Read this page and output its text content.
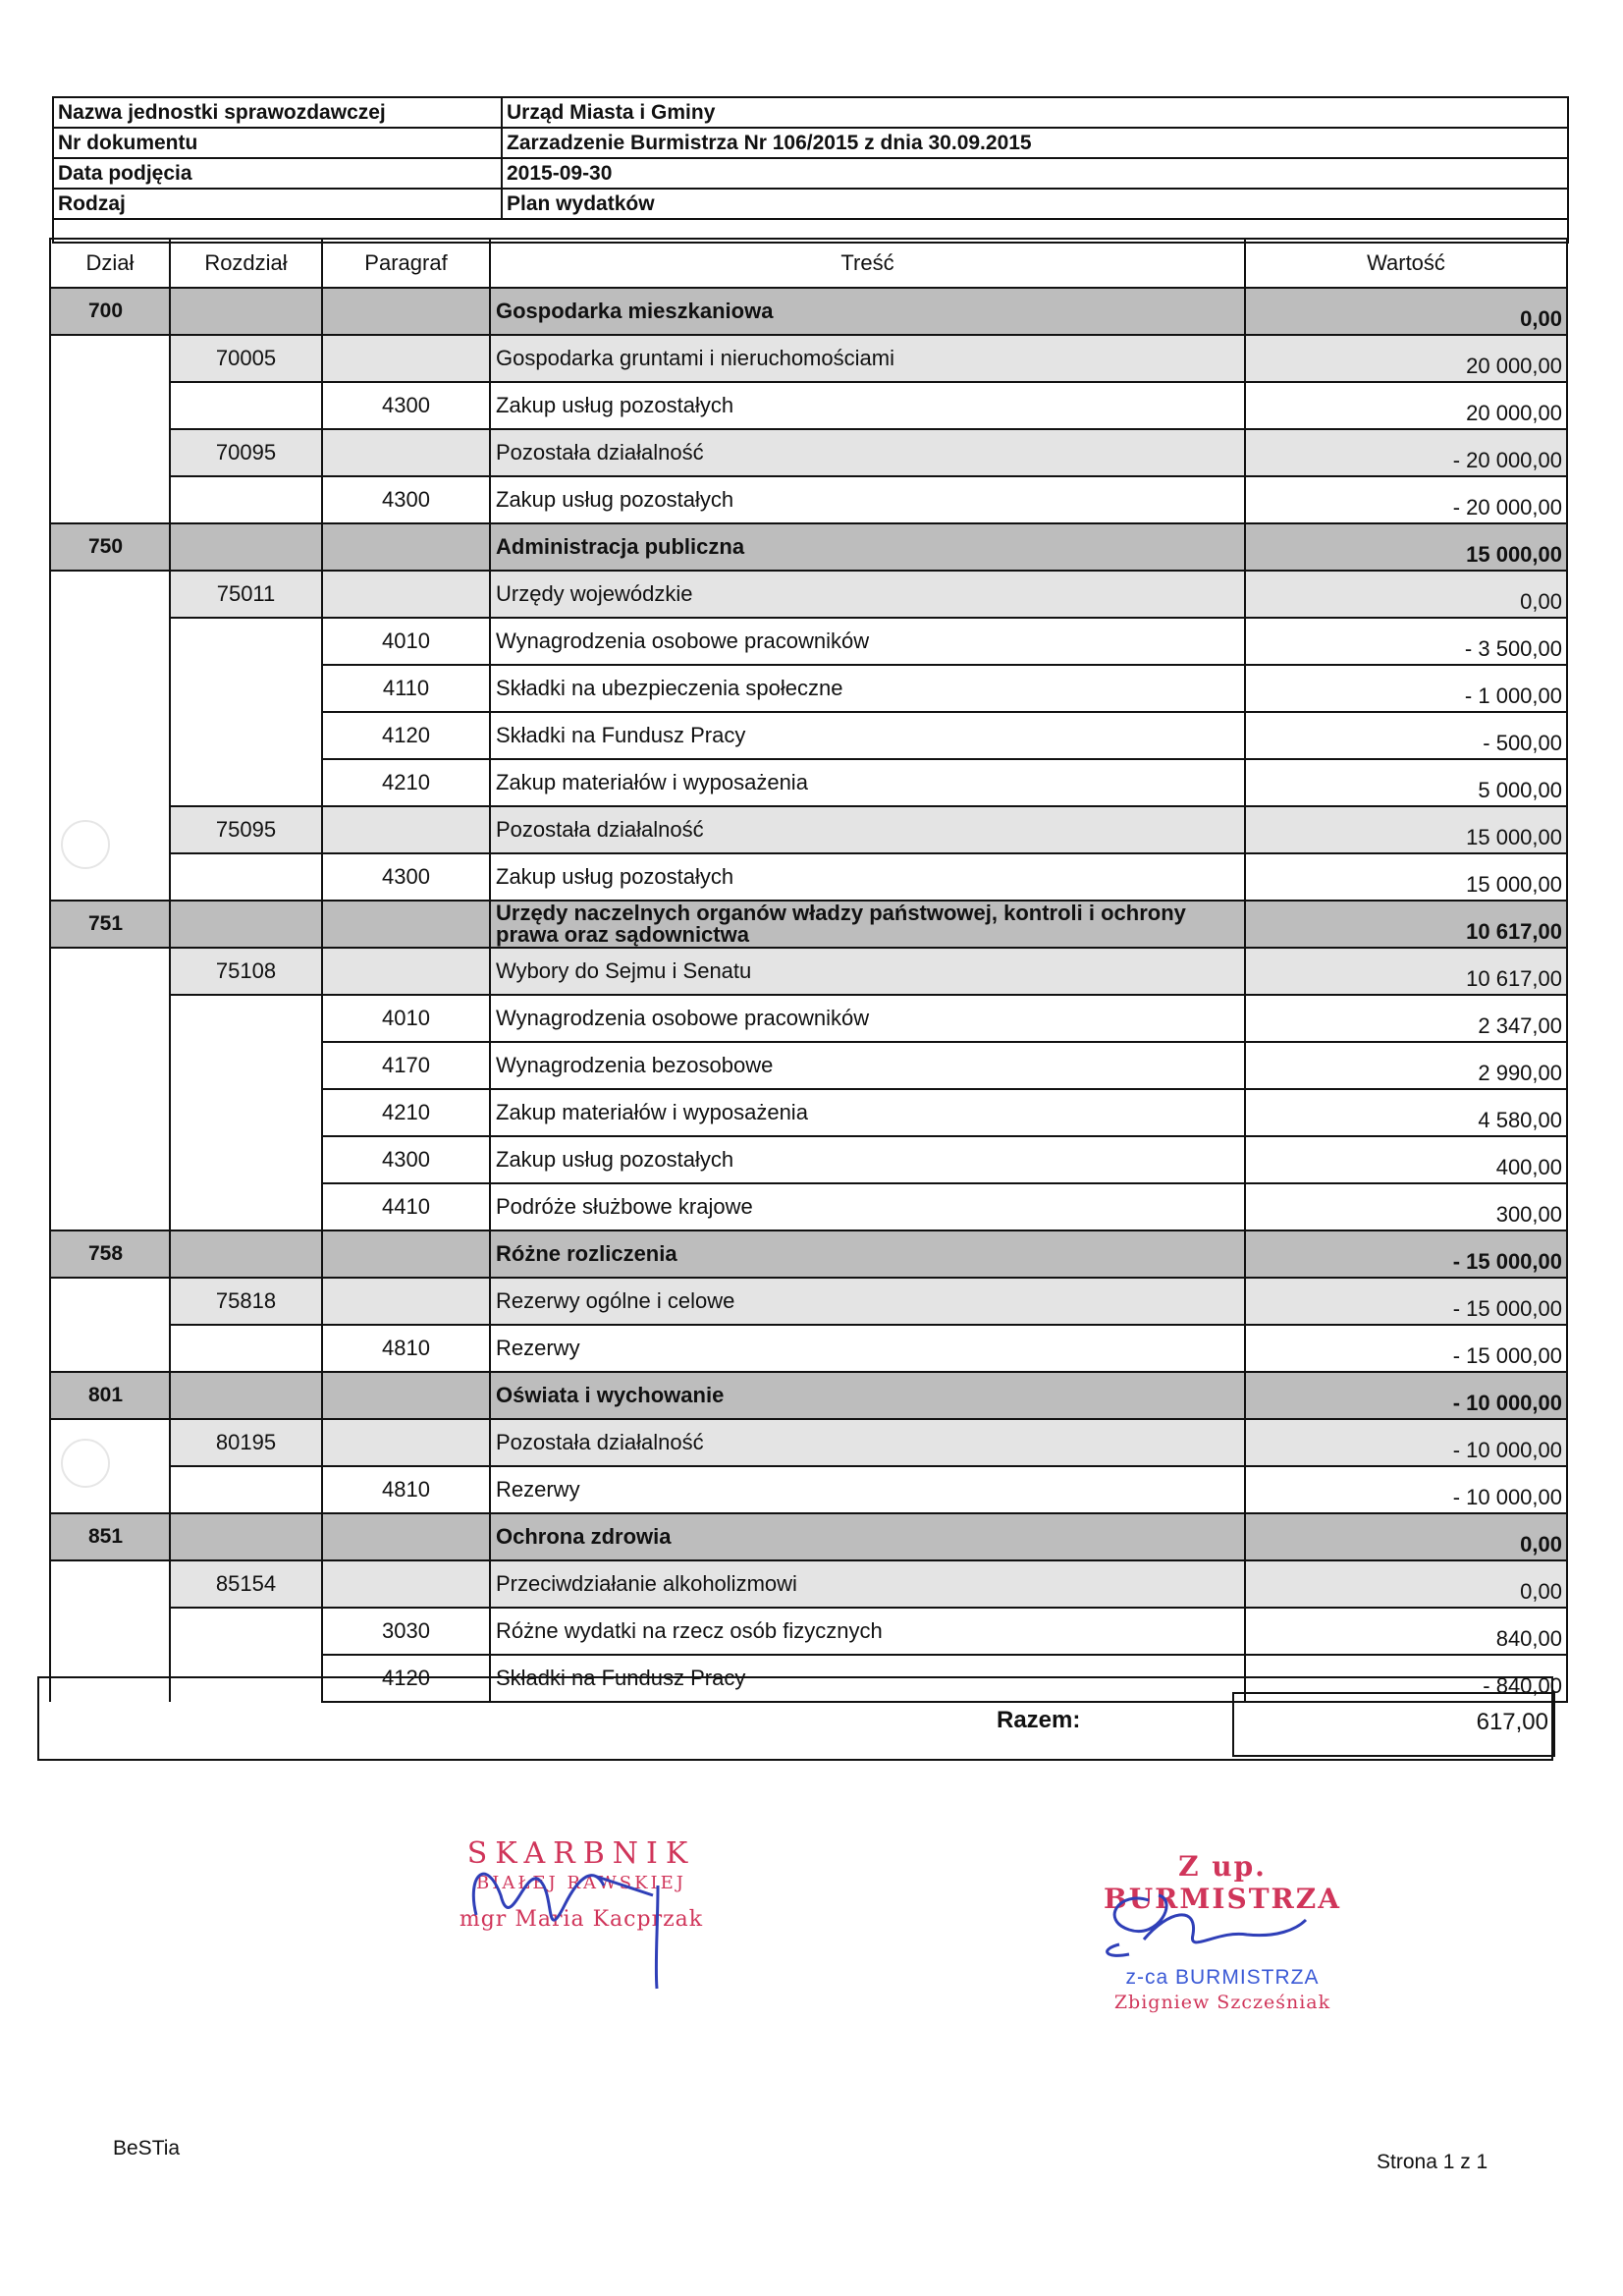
Nazwa jednostki sprawozdawczej	Urząd Miasta i Gminy
Nr dokumentu	Zarzadzenie Burmistrza Nr 106/2015 z dnia 30.09.2015
Data podjęcia	2015-09-30
Rodzaj	Plan wydatków

Dział	Rozdział	Paragraf	Treść	Wartość
700			Gospodarka mieszkaniowa	0,00
	70005		Gospodarka gruntami i nieruchomościami	20 000,00
		4300	Zakup usług pozostałych	20 000,00
	70095		Pozostała działalność	- 20 000,00
		4300	Zakup usług pozostałych	- 20 000,00
750			Administracja publiczna	15 000,00
	75011		Urzędy wojewódzkie	0,00
		4010	Wynagrodzenia osobowe pracowników	- 3 500,00
		4110	Składki na ubezpieczenia społeczne	- 1 000,00
		4120	Składki na Fundusz Pracy	- 500,00
		4210	Zakup materiałów i wyposażenia	5 000,00
	75095		Pozostała działalność	15 000,00
		4300	Zakup usług pozostałych	15 000,00
751			Urzędy naczelnych organów władzy państwowej, kontroli i ochrony prawa oraz sądownictwa	10 617,00
	75108		Wybory do Sejmu i Senatu	10 617,00
		4010	Wynagrodzenia osobowe pracowników	2 347,00
		4170	Wynagrodzenia bezosobowe	2 990,00
		4210	Zakup materiałów i wyposażenia	4 580,00
		4300	Zakup usług pozostałych	400,00
		4410	Podróże służbowe krajowe	300,00
758			Różne rozliczenia	- 15 000,00
	75818		Rezerwy ogólne i celowe	- 15 000,00
		4810	Rezerwy	- 15 000,00
801			Oświata i wychowanie	- 10 000,00
	80195		Pozostała działalność	- 10 000,00
		4810	Rezerwy	- 10 000,00
851			Ochrona zdrowia	0,00
	85154		Przeciwdziałanie alkoholizmowi	0,00
		3030	Różne wydatki na rzecz osób fizycznych	840,00
		4120	Składki na Fundusz Pracy	- 840,00
Razem:	617,00
SKARBNIK
BIAŁEJ RAWSKIEJ
mgr Maria Kacprzak
Z up. BURMISTRZA
z-ca BURMISTRZA
Zbigniew Szcześniak
BeSTia
Strona 1 z 1
